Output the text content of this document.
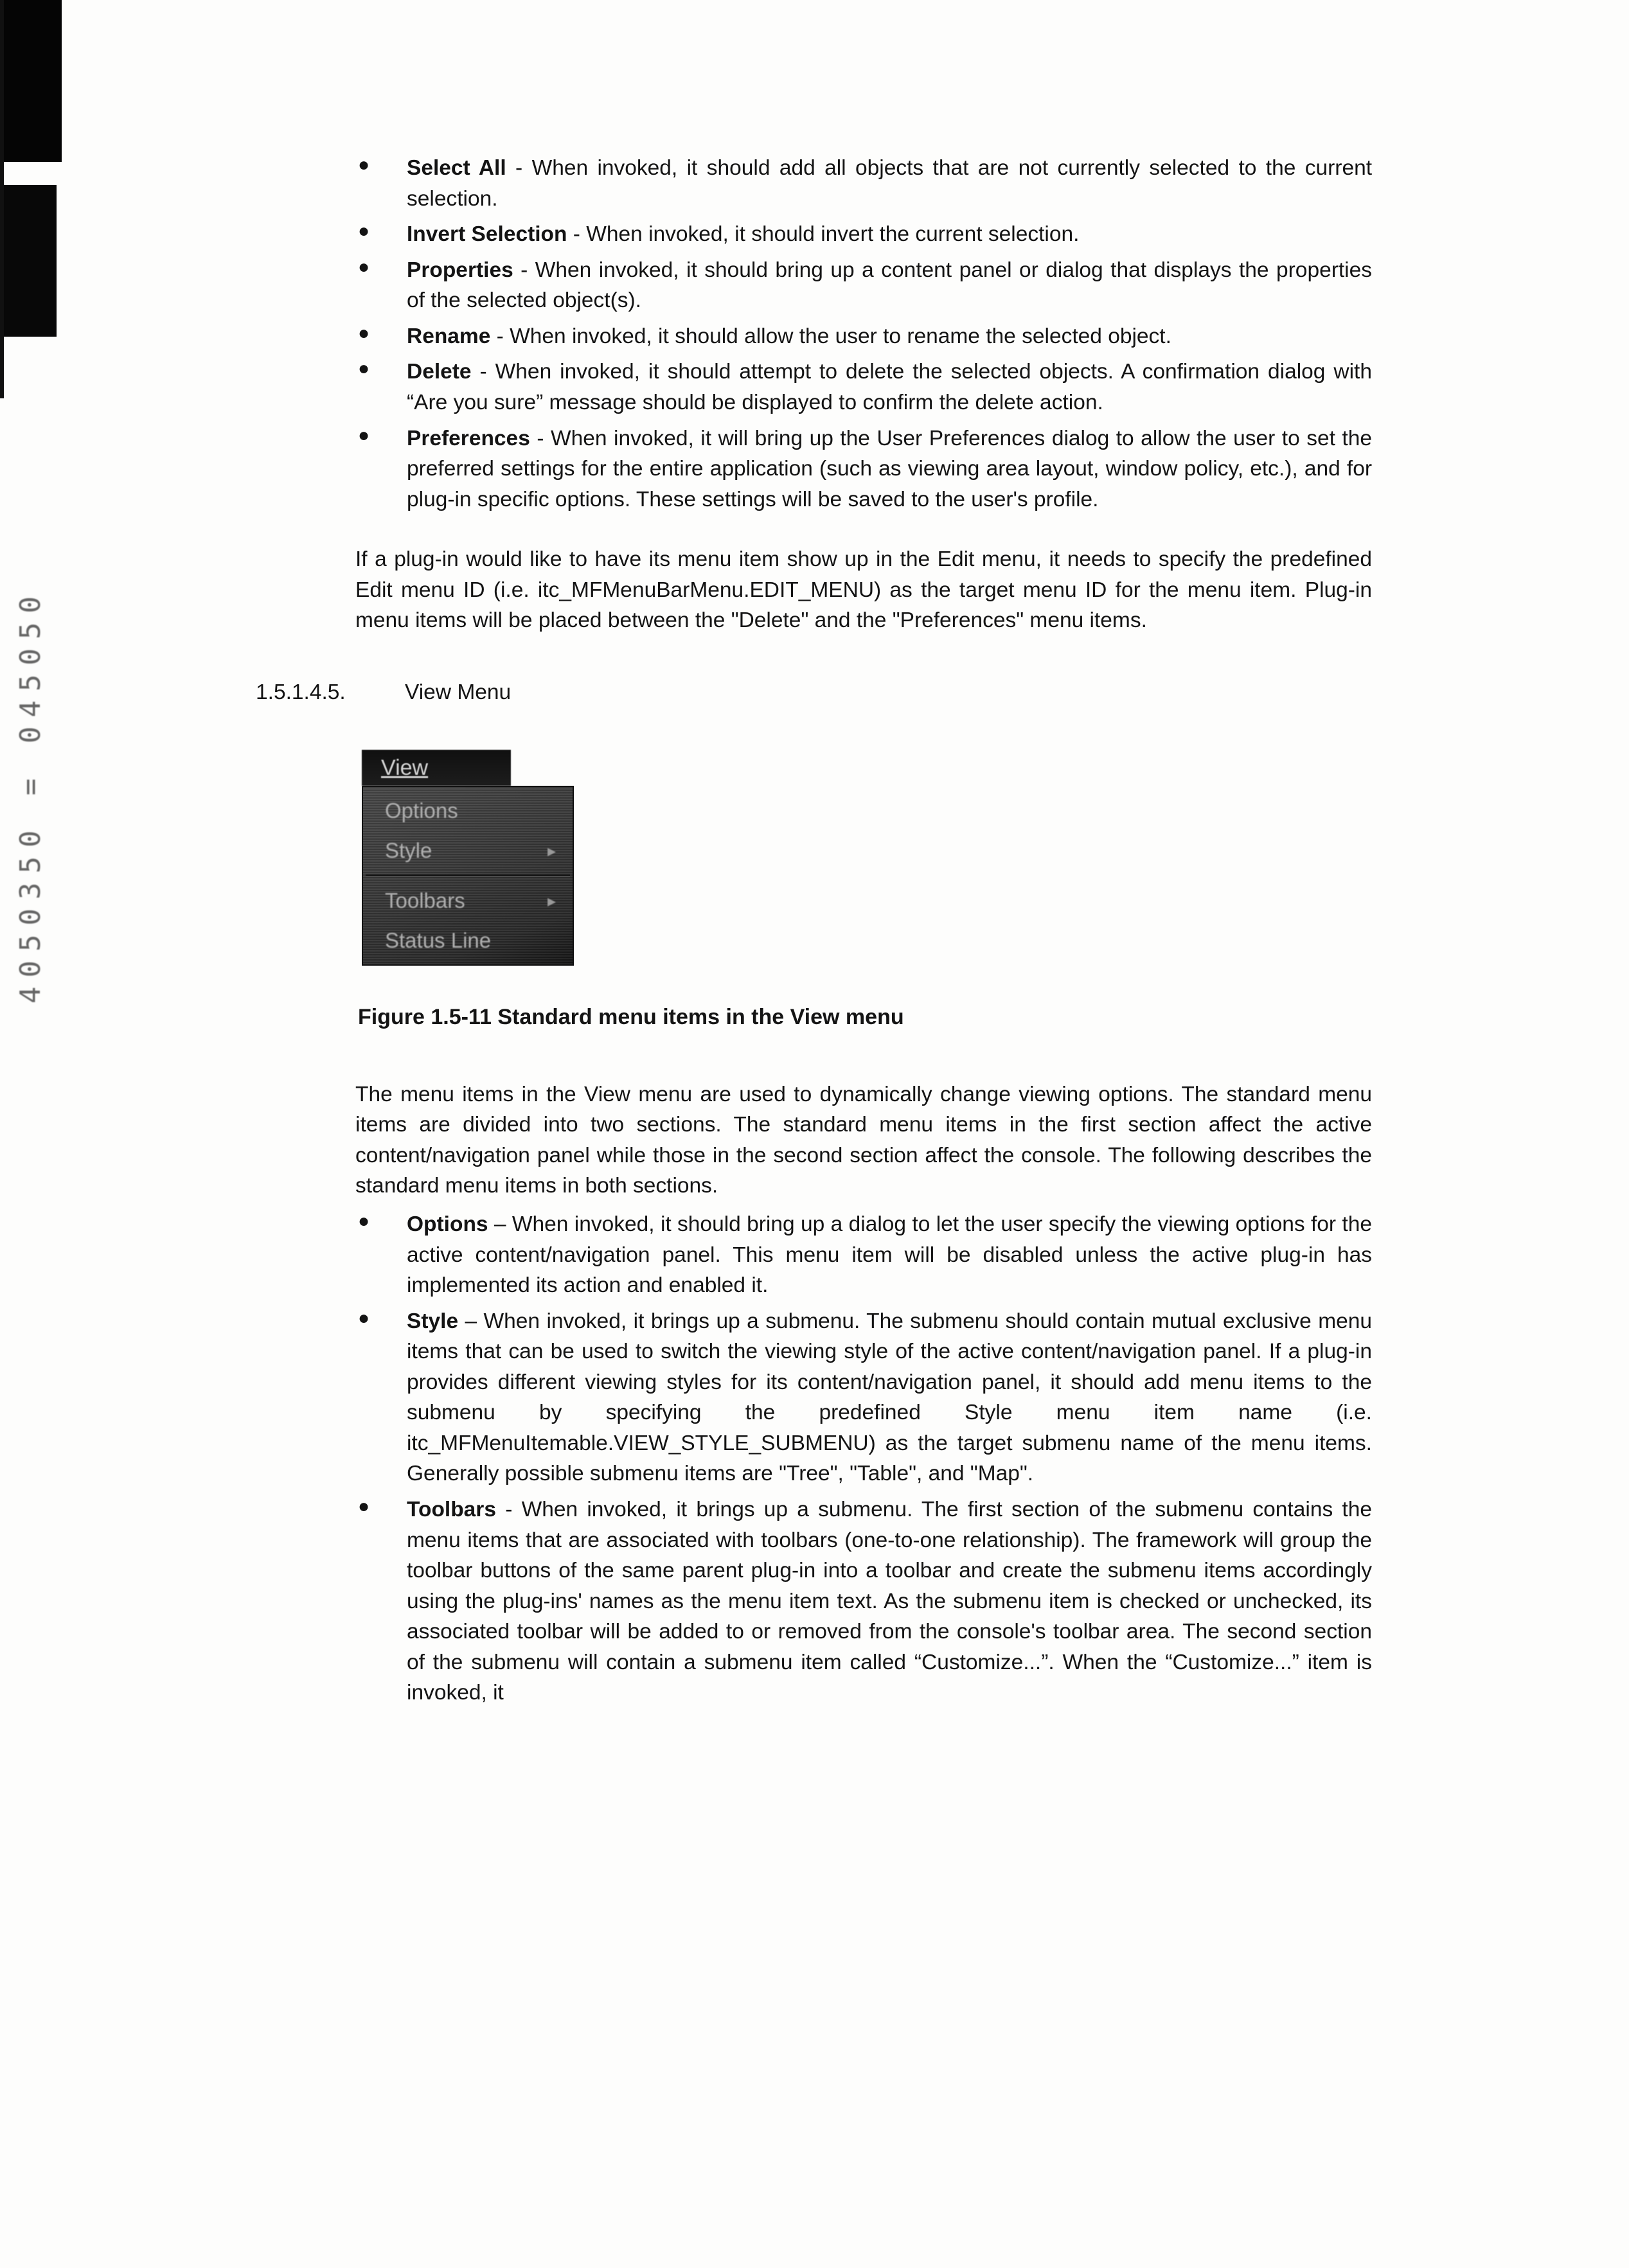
4050350 = 045050
● Select All - When invoked, it should add all objects that are not currently selected to the current selection.
● Invert Selection - When invoked, it should invert the current selection.
● Properties - When invoked, it should bring up a content panel or dialog that displays the properties of the selected object(s).
● Rename - When invoked, it should allow the user to rename the selected object.
● Delete - When invoked, it should attempt to delete the selected objects. A confirmation dialog with “Are you sure” message should be displayed to confirm the delete action.
● Preferences - When invoked, it will bring up the User Preferences dialog to allow the user to set the preferred settings for the entire application (such as viewing area layout, window policy, etc.), and for plug-in specific options. These settings will be saved to the user's profile.

If a plug-in would like to have its menu item show up in the Edit menu, it needs to specify the predefined Edit menu ID (i.e. itc_MFMenuBarMenu.EDIT_MENU) as the target menu ID for the menu item. Plug-in menu items will be placed between the "Delete" and the "Preferences" menu items.

1.5.1.4.5.	View Menu
View
Options
Style	▸
Toolbars	▸
Status Line
Figure 1.5-11 Standard menu items in the View menu

The menu items in the View menu are used to dynamically change viewing options. The standard menu items are divided into two sections. The standard menu items in the first section affect the active content/navigation panel while those in the second section affect the console. The following describes the standard menu items in both sections.

● Options – When invoked, it should bring up a dialog to let the user specify the viewing options for the active content/navigation panel. This menu item will be disabled unless the active plug-in has implemented its action and enabled it.
● Style – When invoked, it brings up a submenu. The submenu should contain mutual exclusive menu items that can be used to switch the viewing style of the active content/navigation panel. If a plug-in provides different viewing styles for its content/navigation panel, it should add menu items to the submenu by specifying the predefined Style menu item name (i.e. itc_MFMenuItemable.VIEW_STYLE_SUBMENU) as the target submenu name of the menu items. Generally possible submenu items are "Tree", "Table", and "Map".
● Toolbars - When invoked, it brings up a submenu. The first section of the submenu contains the menu items that are associated with toolbars (one-to-one relationship). The framework will group the toolbar buttons of the same parent plug-in into a toolbar and create the submenu items accordingly using the plug-ins' names as the menu item text. As the submenu item is checked or unchecked, its associated toolbar will be added to or removed from the console's toolbar area. The second section of the submenu will contain a submenu item called “Customize...”. When the “Customize...” item is invoked, it
